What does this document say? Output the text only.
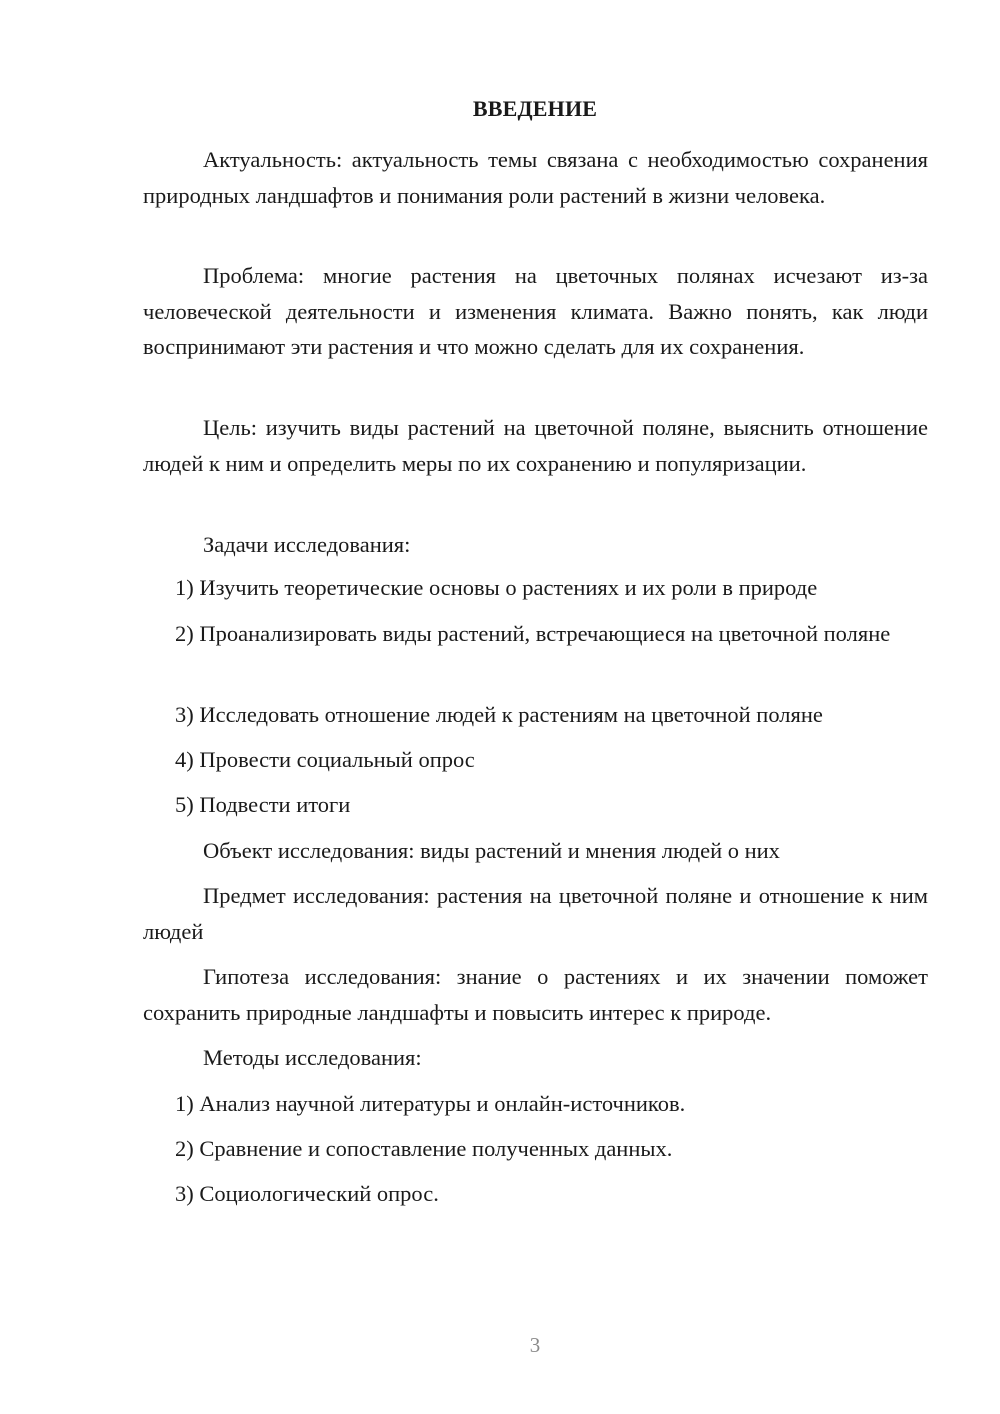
ВВЕДЕНИЕ

Актуальность: актуальность темы связана с необходимостью сохранения природных ландшафтов и понимания роли растений в жизни человека.

Проблема: многие растения на цветочных полянах исчезают из-за человеческой деятельности и изменения климата. Важно понять, как люди воспринимают эти растения и что можно сделать для их сохранения.

Цель: изучить виды растений на цветочной поляне, выяснить отношение людей к ним и определить меры по их сохранению и популяризации.

Задачи исследования:

1) Изучить теоретические основы о растениях и их роли в природе

2) Проанализировать виды растений, встречающиеся на цветочной поляне

3) Исследовать отношение людей к растениям на цветочной поляне

4) Провести социальный опрос

5) Подвести итоги

Объект исследования: виды растений и мнения людей о них

Предмет исследования: растения на цветочной поляне и отношение к ним людей

Гипотеза исследования: знание о растениях и их значении поможет сохранить природные ландшафты и повысить интерес к природе.

Методы исследования:

1) Анализ научной литературы и онлайн-источников.

2) Сравнение и сопоставление полученных данных.

3) Социологический опрос.

3
